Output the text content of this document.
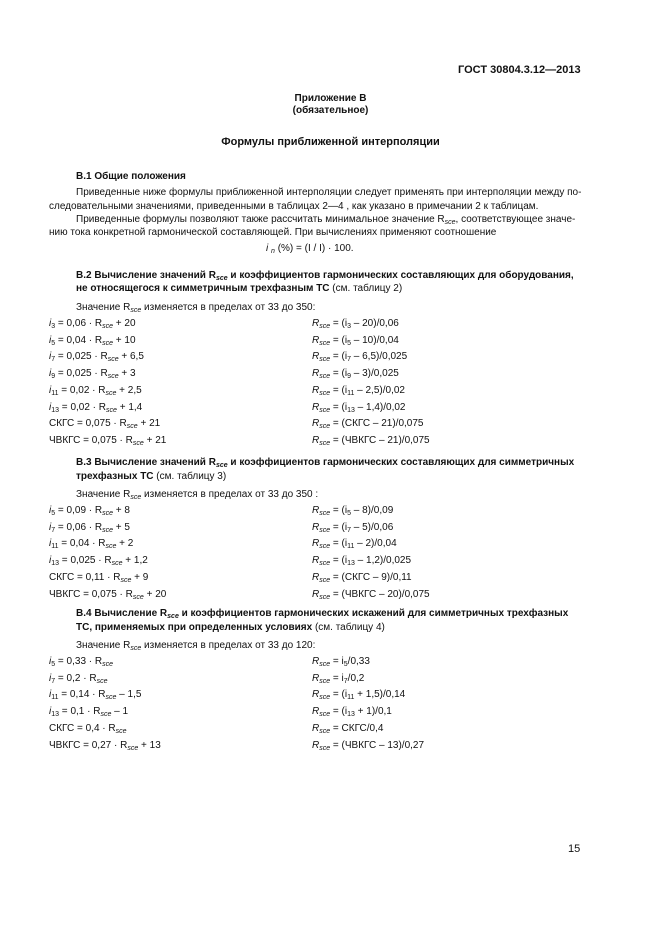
ГОСТ 30804.3.12—2013
Приложение В
(обязательное)
Формулы приближенной интерполяции
В.1 Общие положения
Приведенные ниже формулы приближенной интерполяции следует применять при интерполяции между по-
следовательными значениями, приведенными в таблицах 2—4 , как указано в примечании 2 к таблицам.
Приведенные формулы позволяют также рассчитать минимальное значение $R_{sce}$, соответствующее значе-
нию тока конкретной гармонической составляющей. При вычислениях применяют соотношение
i $_n$ (%) = (I / I) · 100.
В.2 Вычисление значений $R_{sce}$ и коэффициентов гармонических составляющих для оборудования,
не относящегося к симметричным трехфазным ТС (см. таблицу 2)
Значение $R_{sce}$ изменяется в пределах от 33 до 350:
$i_3 = 0,06 \cdot R_{sce} + 20$	$R_{sce} = (i_3 - 20)/0,06$
$i_5 = 0,04 \cdot R_{sce} + 10$	$R_{sce} = (i_5 - 10)/0,04$
$i_7 = 0,025 \cdot R_{sce} + 6,5$	$R_{sce} = (i_7 - 6,5)/0,025$
$i_9 = 0,025 \cdot R_{sce} + 3$	$R_{sce} = (i_9 - 3)/0,025$
$i_{11} = 0,02 \cdot R_{sce} + 2,5$	$R_{sce} = (i_{11} - 2,5)/0,02$
$i_{13} = 0,02 \cdot R_{sce} + 1,4$	$R_{sce} = (i_{13} - 1,4)/0,02$
СКГС = $0,075 \cdot R_{sce} + 21$	$R_{sce}$ = (СКГС – 21)/0,075
ЧВКГС = $0,075 \cdot R_{sce} + 21$	$R_{sce}$ = (ЧВКГС – 21)/0,075
В.3 Вычисление значений $R_{sce}$ и коэффициентов гармонических составляющих для симметричных
трехфазных ТС (см. таблицу 3)
Значение $R_{sce}$ изменяется в пределах от 33 до 350 :
$i_5 = 0,09 \cdot R_{sce} + 8$	$R_{sce} = (i_5 - 8)/0,09$
$i_7 = 0,06 \cdot R_{sce} + 5$	$R_{sce} = (i_7 - 5)/0,06$
$i_{11} = 0,04 \cdot R_{sce} + 2$	$R_{sce} = (i_{11} - 2)/0,04$
$i_{13} = 0,025 \cdot R_{sce} + 1,2$	$R_{sce} = (i_{13} - 1,2)/0,025$
СКГС = $0,11 \cdot R_{sce} + 9$	$R_{sce}$ = (СКГС – 9)/0,11
ЧВКГС = $0,075 \cdot R_{sce} + 20$	$R_{sce}$ = (ЧВКГС – 20)/0,075
В.4 Вычисление $R_{sce}$ и коэффициентов гармонических искажений для симметричных трехфазных
ТС, применяемых при определенных условиях (см. таблицу 4)
Значение $R_{sce}$ изменяется в пределах от 33 до 120:
$i_5 = 0,33 \cdot R_{sce}$	$R_{sce} = i_5/0,33$
$i_7 = 0,2 \cdot R_{sce}$	$R_{sce} = i_7/0,2$
$i_{11} = 0,14 \cdot R_{sce} - 1,5$	$R_{sce} = (i_{11} + 1,5)/0,14$
$i_{13} = 0,1 \cdot R_{sce} - 1$	$R_{sce} = (i_{13} + 1)/0,1$
СКГС = $0,4 \cdot R_{sce}$	$R_{sce}$ = СКГС/0,4
ЧВКГС = $0,27 \cdot R_{sce} + 13$	$R_{sce}$ = (ЧВКГС – 13)/0,27
15
